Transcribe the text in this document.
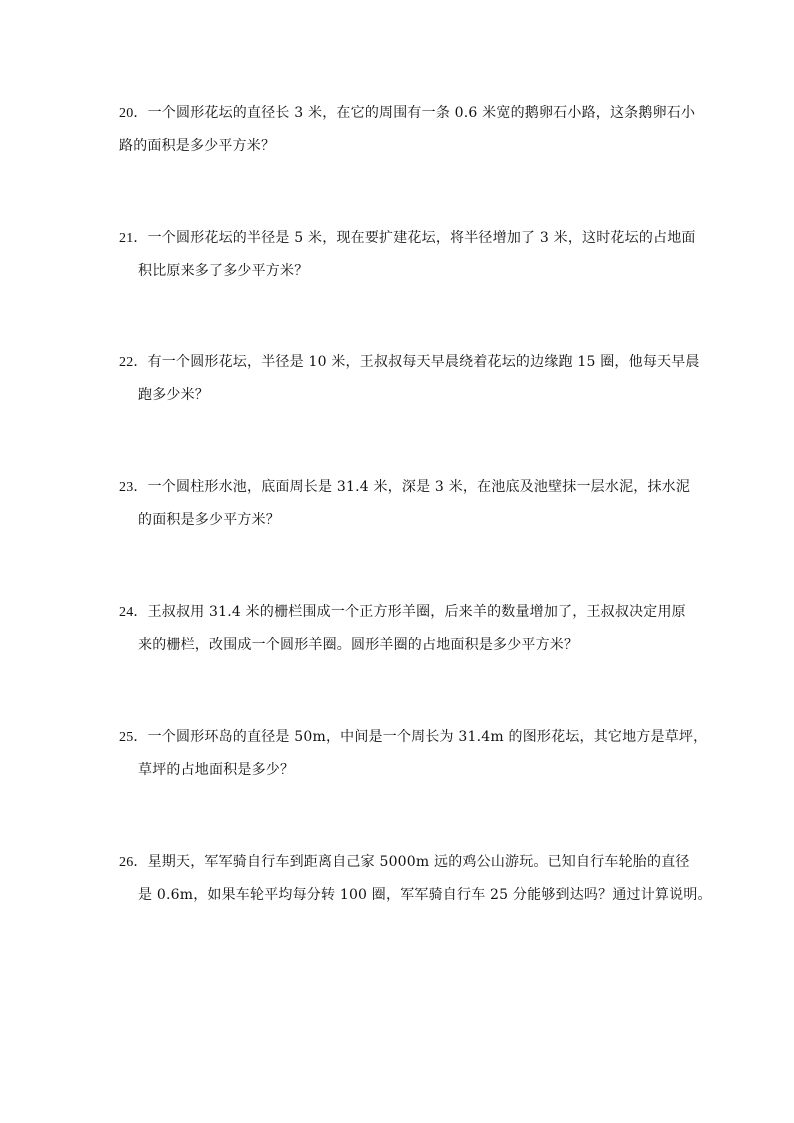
20．一个圆形花坛的直径长 3 米，在它的周围有一条 0.6 米宽的鹅卵石小路，这条鹅卵石小
路的面积是多少平方米？
21．一个圆形花坛的半径是 5 米，现在要扩建花坛，将半径增加了 3 米，这时花坛的占地面
积比原来多了多少平方米？
22．有一个圆形花坛，半径是 10 米，王叔叔每天早晨绕着花坛的边缘跑 15 圈，他每天早晨
跑多少米？
23．一个圆柱形水池，底面周长是 31.4 米，深是 3 米，在池底及池壁抹一层水泥，抹水泥
的面积是多少平方米？
24．王叔叔用 31.4 米的栅栏围成一个正方形羊圈，后来羊的数量增加了，王叔叔决定用原
来的栅栏，改围成一个圆形羊圈。圆形羊圈的占地面积是多少平方米？
25．一个圆形环岛的直径是 50m，中间是一个周长为 31.4m 的图形花坛，其它地方是草坪，
草坪的占地面积是多少？
26．星期天，军军骑自行车到距离自己家 5000m 远的鸡公山游玩。已知自行车轮胎的直径
是 0.6m，如果车轮平均每分转 100 圈，军军骑自行车 25 分能够到达吗？通过计算说明。
